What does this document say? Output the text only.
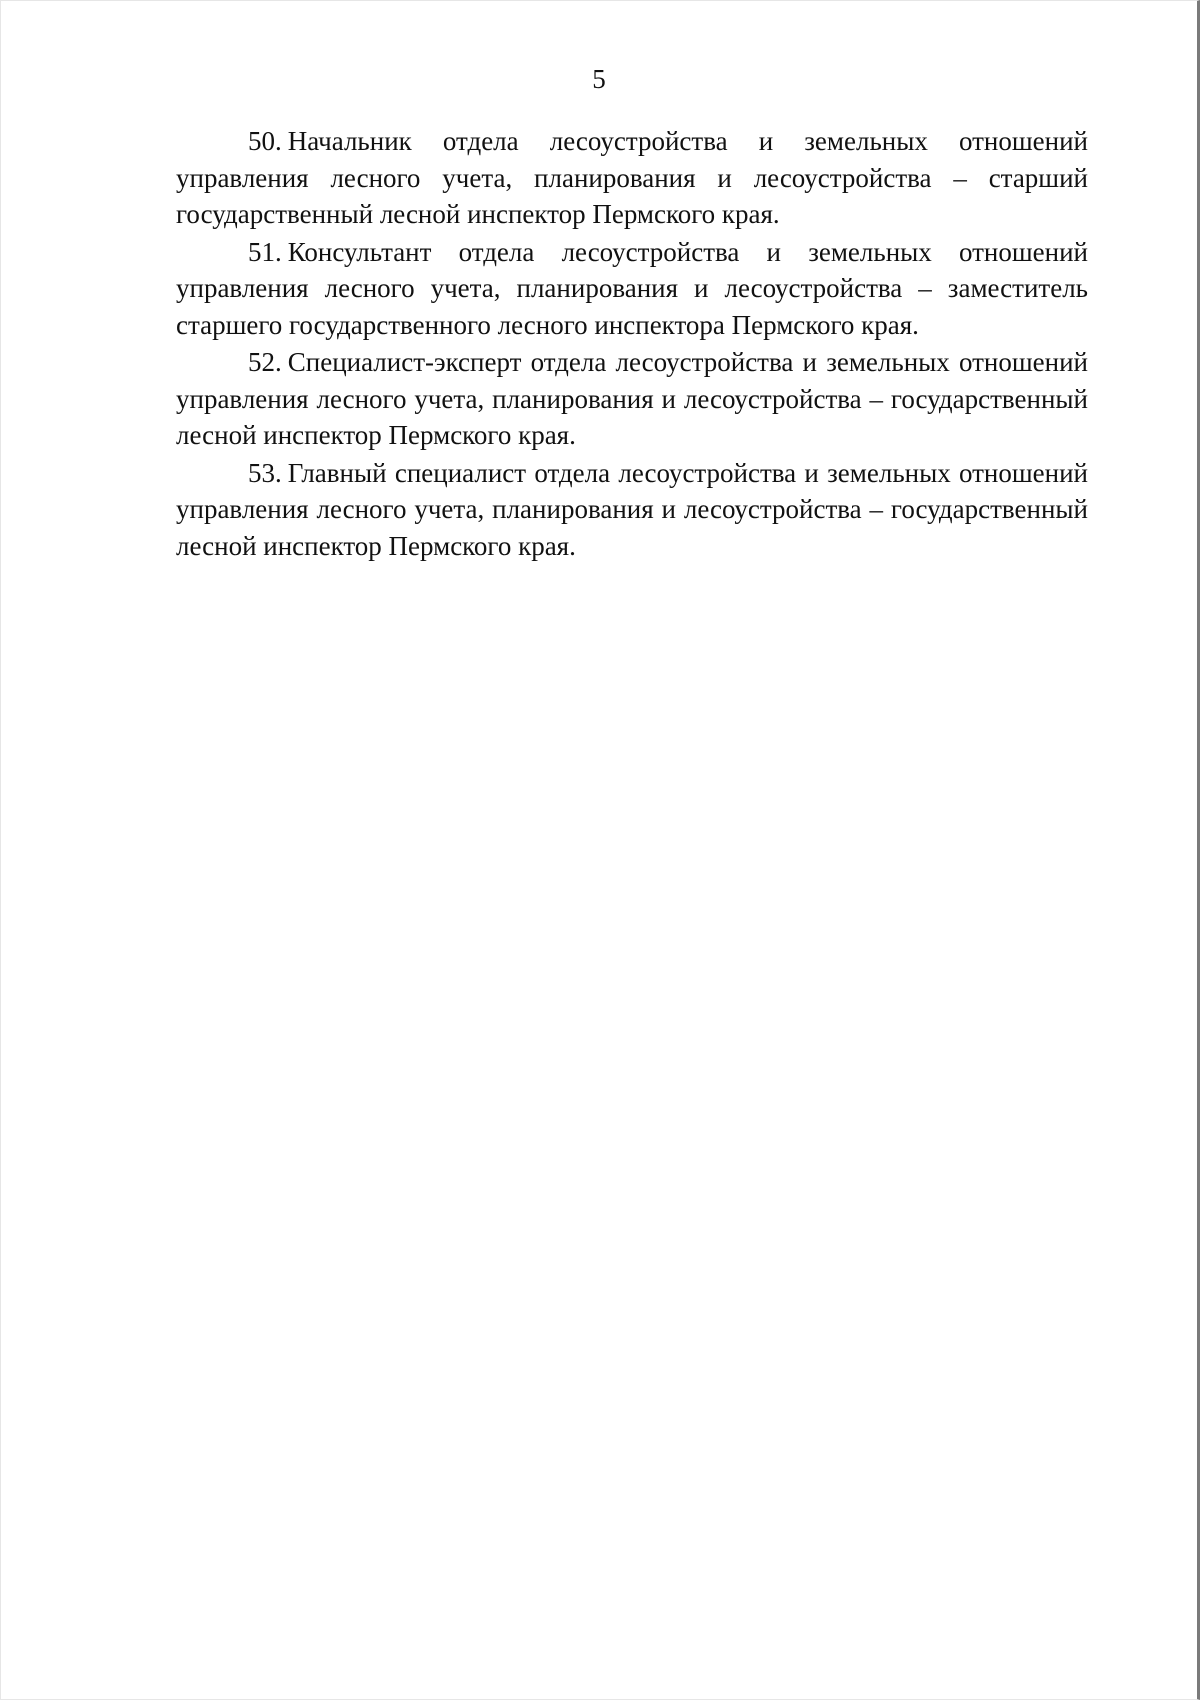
5

50. Начальник отдела лесоустройства и земельных отношений управления лесного учета, планирования и лесоустройства – старший государственный лесной инспектор Пермского края.

51. Консультант отдела лесоустройства и земельных отношений управления лесного учета, планирования и лесоустройства – заместитель старшего государственного лесного инспектора Пермского края.

52. Специалист-эксперт отдела лесоустройства и земельных отношений управления лесного учета, планирования и лесоустройства – государственный лесной инспектор Пермского края.

53. Главный специалист отдела лесоустройства и земельных отношений управления лесного учета, планирования и лесоустройства – государственный лесной инспектор Пермского края.
